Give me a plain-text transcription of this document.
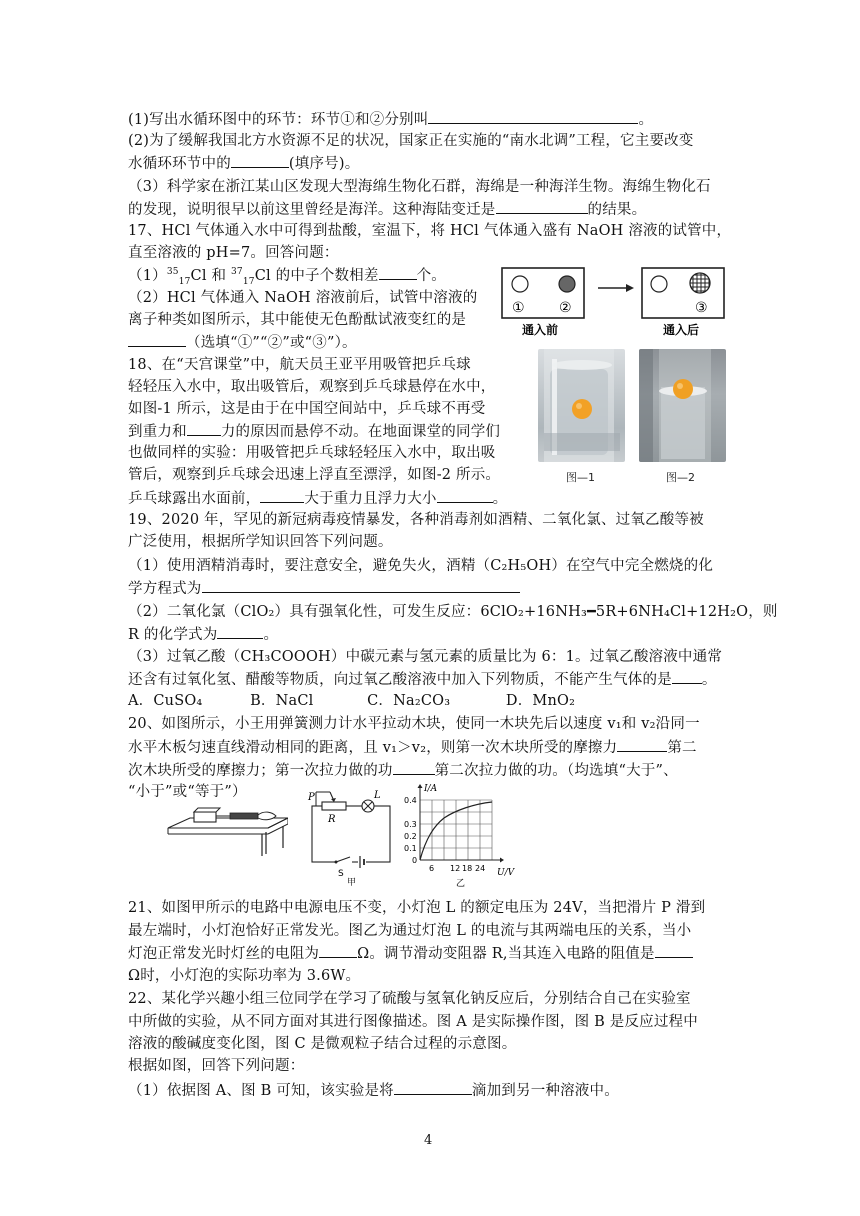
(1)写出水循环图中的环节：环节①和②分别叫	。
(2)为了缓解我国北方水资源不足的状况，国家正在实施的“南水北调”工程，它主要改变
水循环环节中的	(填序号)。
（3）科学家在浙江某山区发现大型海绵生物化石群，海绵是一种海洋生物。海绵生物化石
的发现，说明很早以前这里曾经是海洋。这种海陆变迁是	的结果。
17、HCl 气体通入水中可得到盐酸，室温下，将 HCl 气体通入盛有 NaOH 溶液的试管中，
直至溶液的 pH=7。回答问题：
$(1)^{35}_{17}Cl$ 和 $^{37}_{17}$Cl 的中子个数相差	个。
（2）HCl 气体通入 NaOH 溶液前后，试管中溶液的
离子种类如图所示，其中能使无色酚酞试液变红的是
（选填“①”“②”或“③”）。
18、在“天宫课堂”中，航天员王亚平用吸管把乒乓球
轻轻压入水中，取出吸管后，观察到乒乓球悬停在水中，
如图-1 所示，这是由于在中国空间站中，乒乓球不再受
到重力和 力的原因而悬停不动。在地面课堂的同学们
也做同样的实验：用吸管把乒乓球轻轻压入水中，取出吸
管后，观察到乒乓球会迅速上浮直至漂浮，如图-2 所示。
乒乓球露出水面前，	大于重力且浮力大小	。
19、2020 年，罕见的新冠病毒疫情暴发，各种消毒剂如酒精、二氧化氯、过氧乙酸等被
广泛使用，根据所学知识回答下列问题。
（1）使用酒精消毒时，要注意安全，避免失火，酒精（C₂H₅OH）在空气中完全燃烧的化
学方程式为
（2）二氧化氯（ClO₂）具有强氧化性，可发生反应：6ClO₂+16NH₃━5R+6NH₄Cl+12H₂O，则
R 的化学式为	。
（3）过氧乙酸（CH₃COOOH）中碳元素与氢元素的质量比为 6：1。过氧乙酸溶液中通常
还含有过氧化氢、醋酸等物质，向过氧乙酸溶液中加入下列物质，不能产生气体的是 。
A．CuSO₄	B．NaCl	C．Na₂CO₃	D．MnO₂
20、如图所示，小王用弹簧测力计水平拉动木块，使同一木块先后以速度 v₁和 v₂沿同一
水平木板匀速直线滑动相同的距离，且 v₁＞v₂，则第一次木块所受的摩擦力	第二
次木块所受的摩擦力；第一次拉力做的功	第二次拉力做的功。（均选填“大于”、
“小于”或“等于”）
21、如图甲所示的电路中电源电压不变，小灯泡 L 的额定电压为 24V，当把滑片 P 滑到
最左端时，小灯泡恰好正常发光。图乙为通过灯泡 L 的电流与其两端电压的关系，当小
灯泡正常发光时灯丝的电阻为	Ω。调节滑动变阻器 R,当其连入电路的阻值是
Ω时，小灯泡的实际功率为 3.6W。
22、某化学兴趣小组三位同学在学习了硫酸与氢氧化钠反应后，分别结合自己在实验室
中所做的实验，从不同方面对其进行图像描述。图 A 是实际操作图，图 B 是反应过程中
溶液的酸碱度变化图，图 C 是微观粒子结合过程的示意图。
根据如图，回答下列问题：
（1）依据图 A、图 B 可知，该实验是将	滴加到另一种溶液中。
① ②	③
通入前	通入后
图—1	图—2
P
R
L
S
甲
I/A
U/V
0.4
0.3
0.2
0.1
0
6 12 18 24
乙
4
